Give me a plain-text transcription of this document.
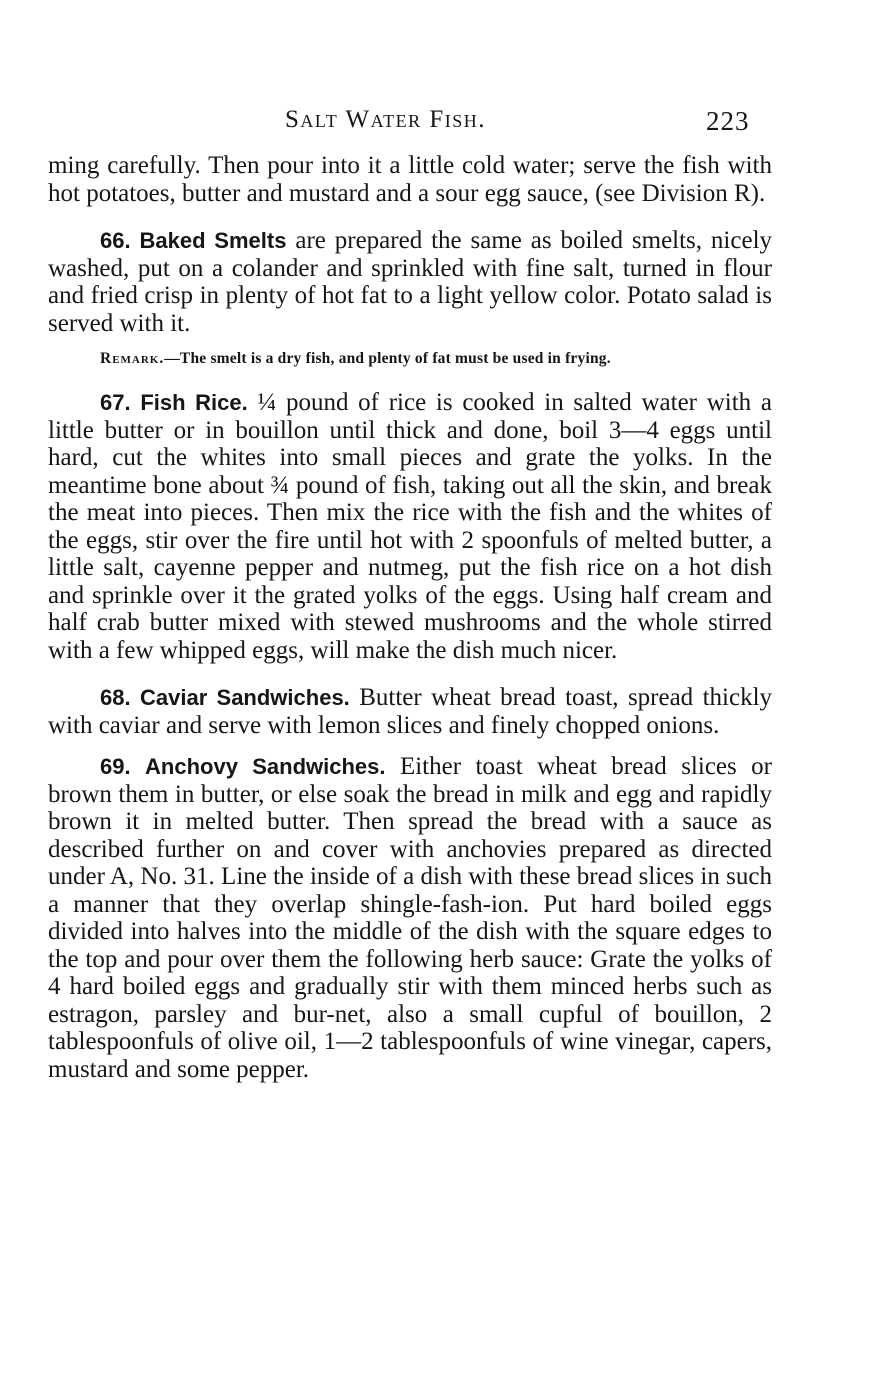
Salt Water Fish.	223

ming carefully. Then pour into it a little cold water; serve the fish with hot potatoes, butter and mustard and a sour egg sauce, (see Division R).

66. Baked Smelts are prepared the same as boiled smelts, nicely washed, put on a colander and sprinkled with fine salt, turned in flour and fried crisp in plenty of hot fat to a light yellow color. Potato salad is served with it.

Remark.—The smelt is a dry fish, and plenty of fat must be used in frying.

67. Fish Rice. ¼ pound of rice is cooked in salted water with a little butter or in bouillon until thick and done, boil 3—4 eggs until hard, cut the whites into small pieces and grate the yolks. In the meantime bone about ¾ pound of fish, taking out all the skin, and break the meat into pieces. Then mix the rice with the fish and the whites of the eggs, stir over the fire until hot with 2 spoonfuls of melted butter, a little salt, cayenne pepper and nutmeg, put the fish rice on a hot dish and sprinkle over it the grated yolks of the eggs. Using half cream and half crab butter mixed with stewed mushrooms and the whole stirred with a few whipped eggs, will make the dish much nicer.

68. Caviar Sandwiches. Butter wheat bread toast, spread thickly with caviar and serve with lemon slices and finely chopped onions.

69. Anchovy Sandwiches. Either toast wheat bread slices or brown them in butter, or else soak the bread in milk and egg and rapidly brown it in melted butter. Then spread the bread with a sauce as described further on and cover with anchovies prepared as directed under A, No. 31. Line the inside of a dish with these bread slices in such a manner that they overlap shingle-fash-ion. Put hard boiled eggs divided into halves into the middle of the dish with the square edges to the top and pour over them the following herb sauce: Grate the yolks of 4 hard boiled eggs and gradually stir with them minced herbs such as estragon, parsley and bur-net, also a small cupful of bouillon, 2 tablespoonfuls of olive oil, 1—2 tablespoonfuls of wine vinegar, capers, mustard and some pepper.
